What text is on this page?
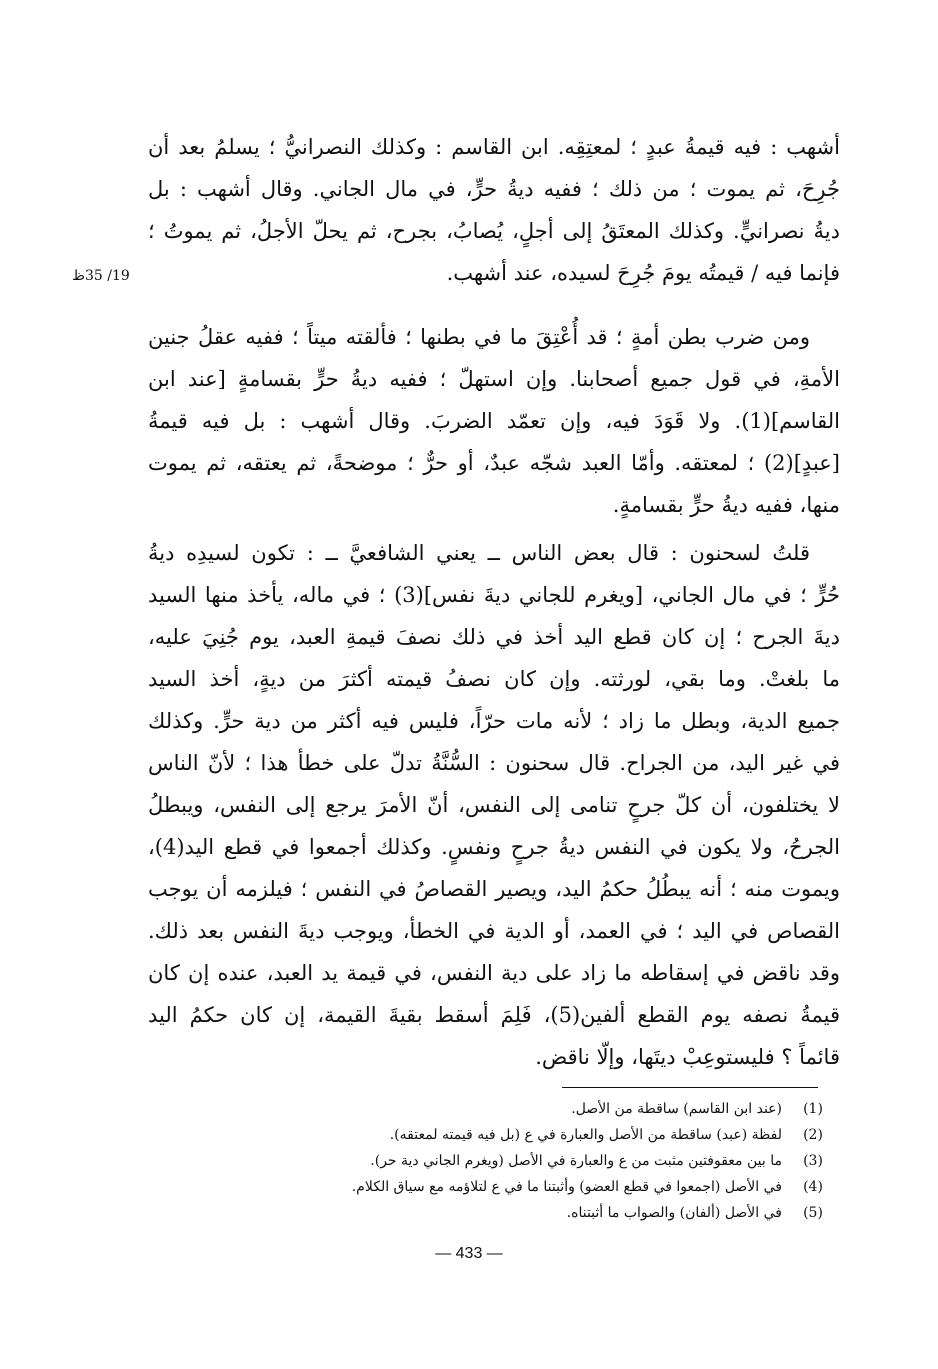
19/ 35ظ
أشهب : فيه قيمةُ عبدٍ ؛ لمعتِقِه. ابن القاسم : وكذلك النصرانيُّ ؛ يسلمُ بعد أن
جُرِحَ، ثم يموت ؛ من ذلك ؛ ففيه ديةُ حرٍّ، في مال الجاني. وقال أشهب : بل
ديةُ نصرانيٍّ. وكذلك المعتَقُ إلى أجلٍ، يُصابُ، بجرح، ثم يحلّ الأجلُ، ثم يموتُ ؛
فإنما فيه / قيمتُه يومَ جُرِحَ لسيده، عند أشهب.
ومن ضرب بطن أمةٍ ؛ قد أُعْتِقَ ما في بطنها ؛ فألقته ميتاً ؛ ففيه عقلُ جنين
الأمةِ، في قول جميع أصحابنا. وإن استهلّ ؛ ففيه ديةُ حرٍّ بقسامةٍ [عند ابن
القاسم](1). ولا قَوَدَ فيه، وإن تعمّد الضربَ. وقال أشهب : بل فيه قيمةُ
[عبدٍ](2) ؛ لمعتقه. وأمّا العبد شجّه عبدٌ، أو حرٌّ ؛ موضحةً، ثم يعتقه، ثم يموت
منها، ففيه ديةُ حرٍّ بقسامةٍ.
قلتُ لسحنون : قال بعض الناس ــ يعني الشافعيَّ ــ : تكون لسيدِه ديةُ
حُرٍّ ؛ في مال الجاني، [ويغرم للجاني ديةَ نفس](3) ؛ في ماله، يأخذ منها السيد
ديةَ الجرح ؛ إن كان قطع اليد أخذ في ذلك نصفَ قيمةِ العبد، يوم جُنِيَ عليه،
ما بلغتْ. وما بقي، لورثته. وإن كان نصفُ قيمته أكثرَ من ديةٍ، أخذ السيد
جميع الدية، وبطل ما زاد ؛ لأنه مات حرّاً، فليس فيه أكثر من دية حرٍّ. وكذلك
في غير اليد، من الجراح. قال سحنون : السُّنَّةُ تدلّ على خطأ هذا ؛ لأنّ الناس
لا يختلفون، أن كلّ جرحٍ تنامى إلى النفس، أنّ الأمرَ يرجع إلى النفس، ويبطلُ
الجرحُ، ولا يكون في النفس ديةُ جرحٍ ونفسٍ. وكذلك أجمعوا في قطع اليد(4)،
ويموت منه ؛ أنه يبطُلُ حكمُ اليد، ويصير القصاصُ في النفس ؛ فيلزمه أن يوجب
القصاص في اليد ؛ في العمد، أو الدية في الخطأ، ويوجب ديةَ النفس بعد ذلك.
وقد ناقض في إسقاطه ما زاد على دية النفس، في قيمة يد العبد، عنده إن كان
قيمةُ نصفه يوم القطع ألفين(5)، فَلِمَ أسقط بقيةَ القيمة، إن كان حكمُ اليد
قائماً ؟ فليستوعِبْ ديتَها، وإلّا ناقض.
(1)
(عند ابن القاسم) ساقطة من الأصل.
(2)
لفظة (عبد) ساقطة من الأصل والعبارة في ع (بل فيه قيمته لمعتقه).
(3)
ما بين معقوفتين مثبت من ع والعبارة في الأصل (ويغرم الجاني دية حر).
(4)
في الأصل (اجمعوا في قطع العضو) وأثبتنا ما في ع لتلاؤمه مع سياق الكلام.
(5)
في الأصل (ألفان) والصواب ما أثبتناه.
— 433 —
